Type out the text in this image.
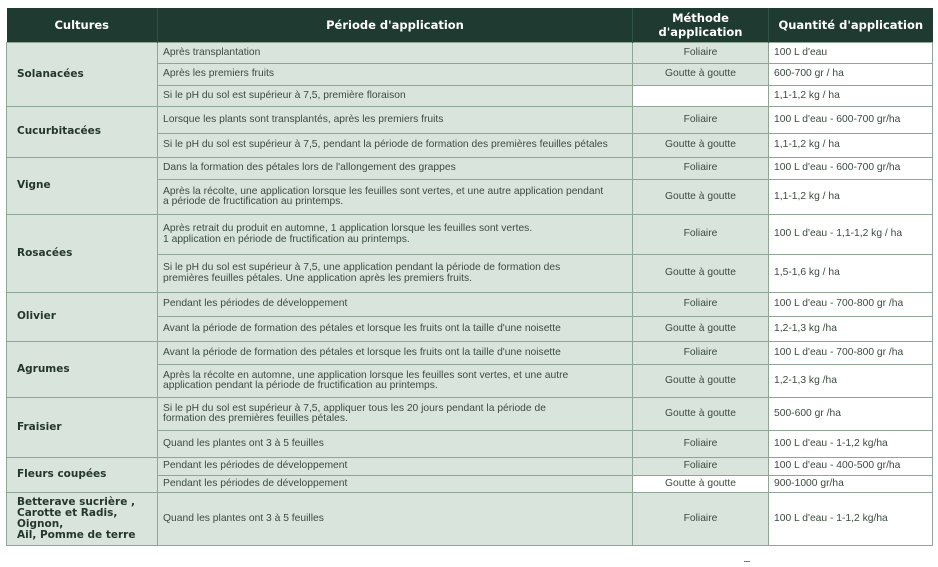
Cultures	Période d'application	Méthode d'application	Quantité d'application
Solanacées	Après transplantation	Foliaire	100 L d'eau
	Après les premiers fruits	Goutte à goutte	600-700 gr / ha
	Si le pH du sol est supérieur à 7,5, première floraison		1,1-1,2 kg / ha
Cucurbitacées	Lorsque les plants sont transplantés, après les premiers fruits	Foliaire	100 L d'eau - 600-700 gr/ha
	Si le pH du sol est supérieur à 7,5, pendant la période de formation des premières feuilles pétales	Goutte à goutte	1,1-1,2 kg / ha
Vigne	Dans la formation des pétales lors de l'allongement des grappes	Foliaire	100 L d'eau - 600-700 gr/ha

	Après la récolte, une application lorsque les feuilles sont vertes, et une autre application pendant
a période de fructification au printemps.	Goutte à goutte	1,1-1,2 kg / ha
Rosacées	Après retrait du produit en automne, 1 application lorsque les feuilles sont vertes.
1 application en période de fructification au printemps.	Foliaire	100 L d'eau - 1,1-1,2 kg / ha

	Si le pH du sol est supérieur à 7,5, une application pendant la période de formation des
premières feuilles pétales. Une application après les premiers fruits.	Goutte à goutte	1,5-1,6 kg / ha
Olivier	Pendant les périodes de développement	Foliaire	100 L d'eau - 700-800 gr /ha
	Avant la période de formation des pétales et lorsque les fruits ont la taille d'une noisette	Goutte à goutte	1,2-1,3 kg /ha
Agrumes	Avant la période de formation des pétales et lorsque les fruits ont la taille d'une noisette	Foliaire	100 L d'eau - 700-800 gr /ha

	Après la récolte en automne, une application lorsque les feuilles sont vertes, et une autre
application pendant la période de fructification au printemps.	Goutte à goutte	1,2-1,3 kg /ha
Fraisier	Si le pH du sol est supérieur à 7,5, appliquer tous les 20 jours pendant la période de
formation des premières feuilles pétales.	Goutte à goutte	500-600 gr /ha
	Quand les plantes ont 3 à 5 feuilles	Foliaire	100 L d'eau - 1-1,2 kg/ha
Fleurs coupées	Pendant les périodes de développement	Foliaire	100 L d'eau - 400-500 gr/ha
	Pendant les périodes de développement	Goutte à goutte	900-1000 gr/ha

Betterave sucrière ,
Carotte et Radis, Oignon,
Ail, Pomme de terre	Quand les plantes ont 3 à 5 feuilles	Foliaire	100 L d'eau - 1-1,2 kg/ha
